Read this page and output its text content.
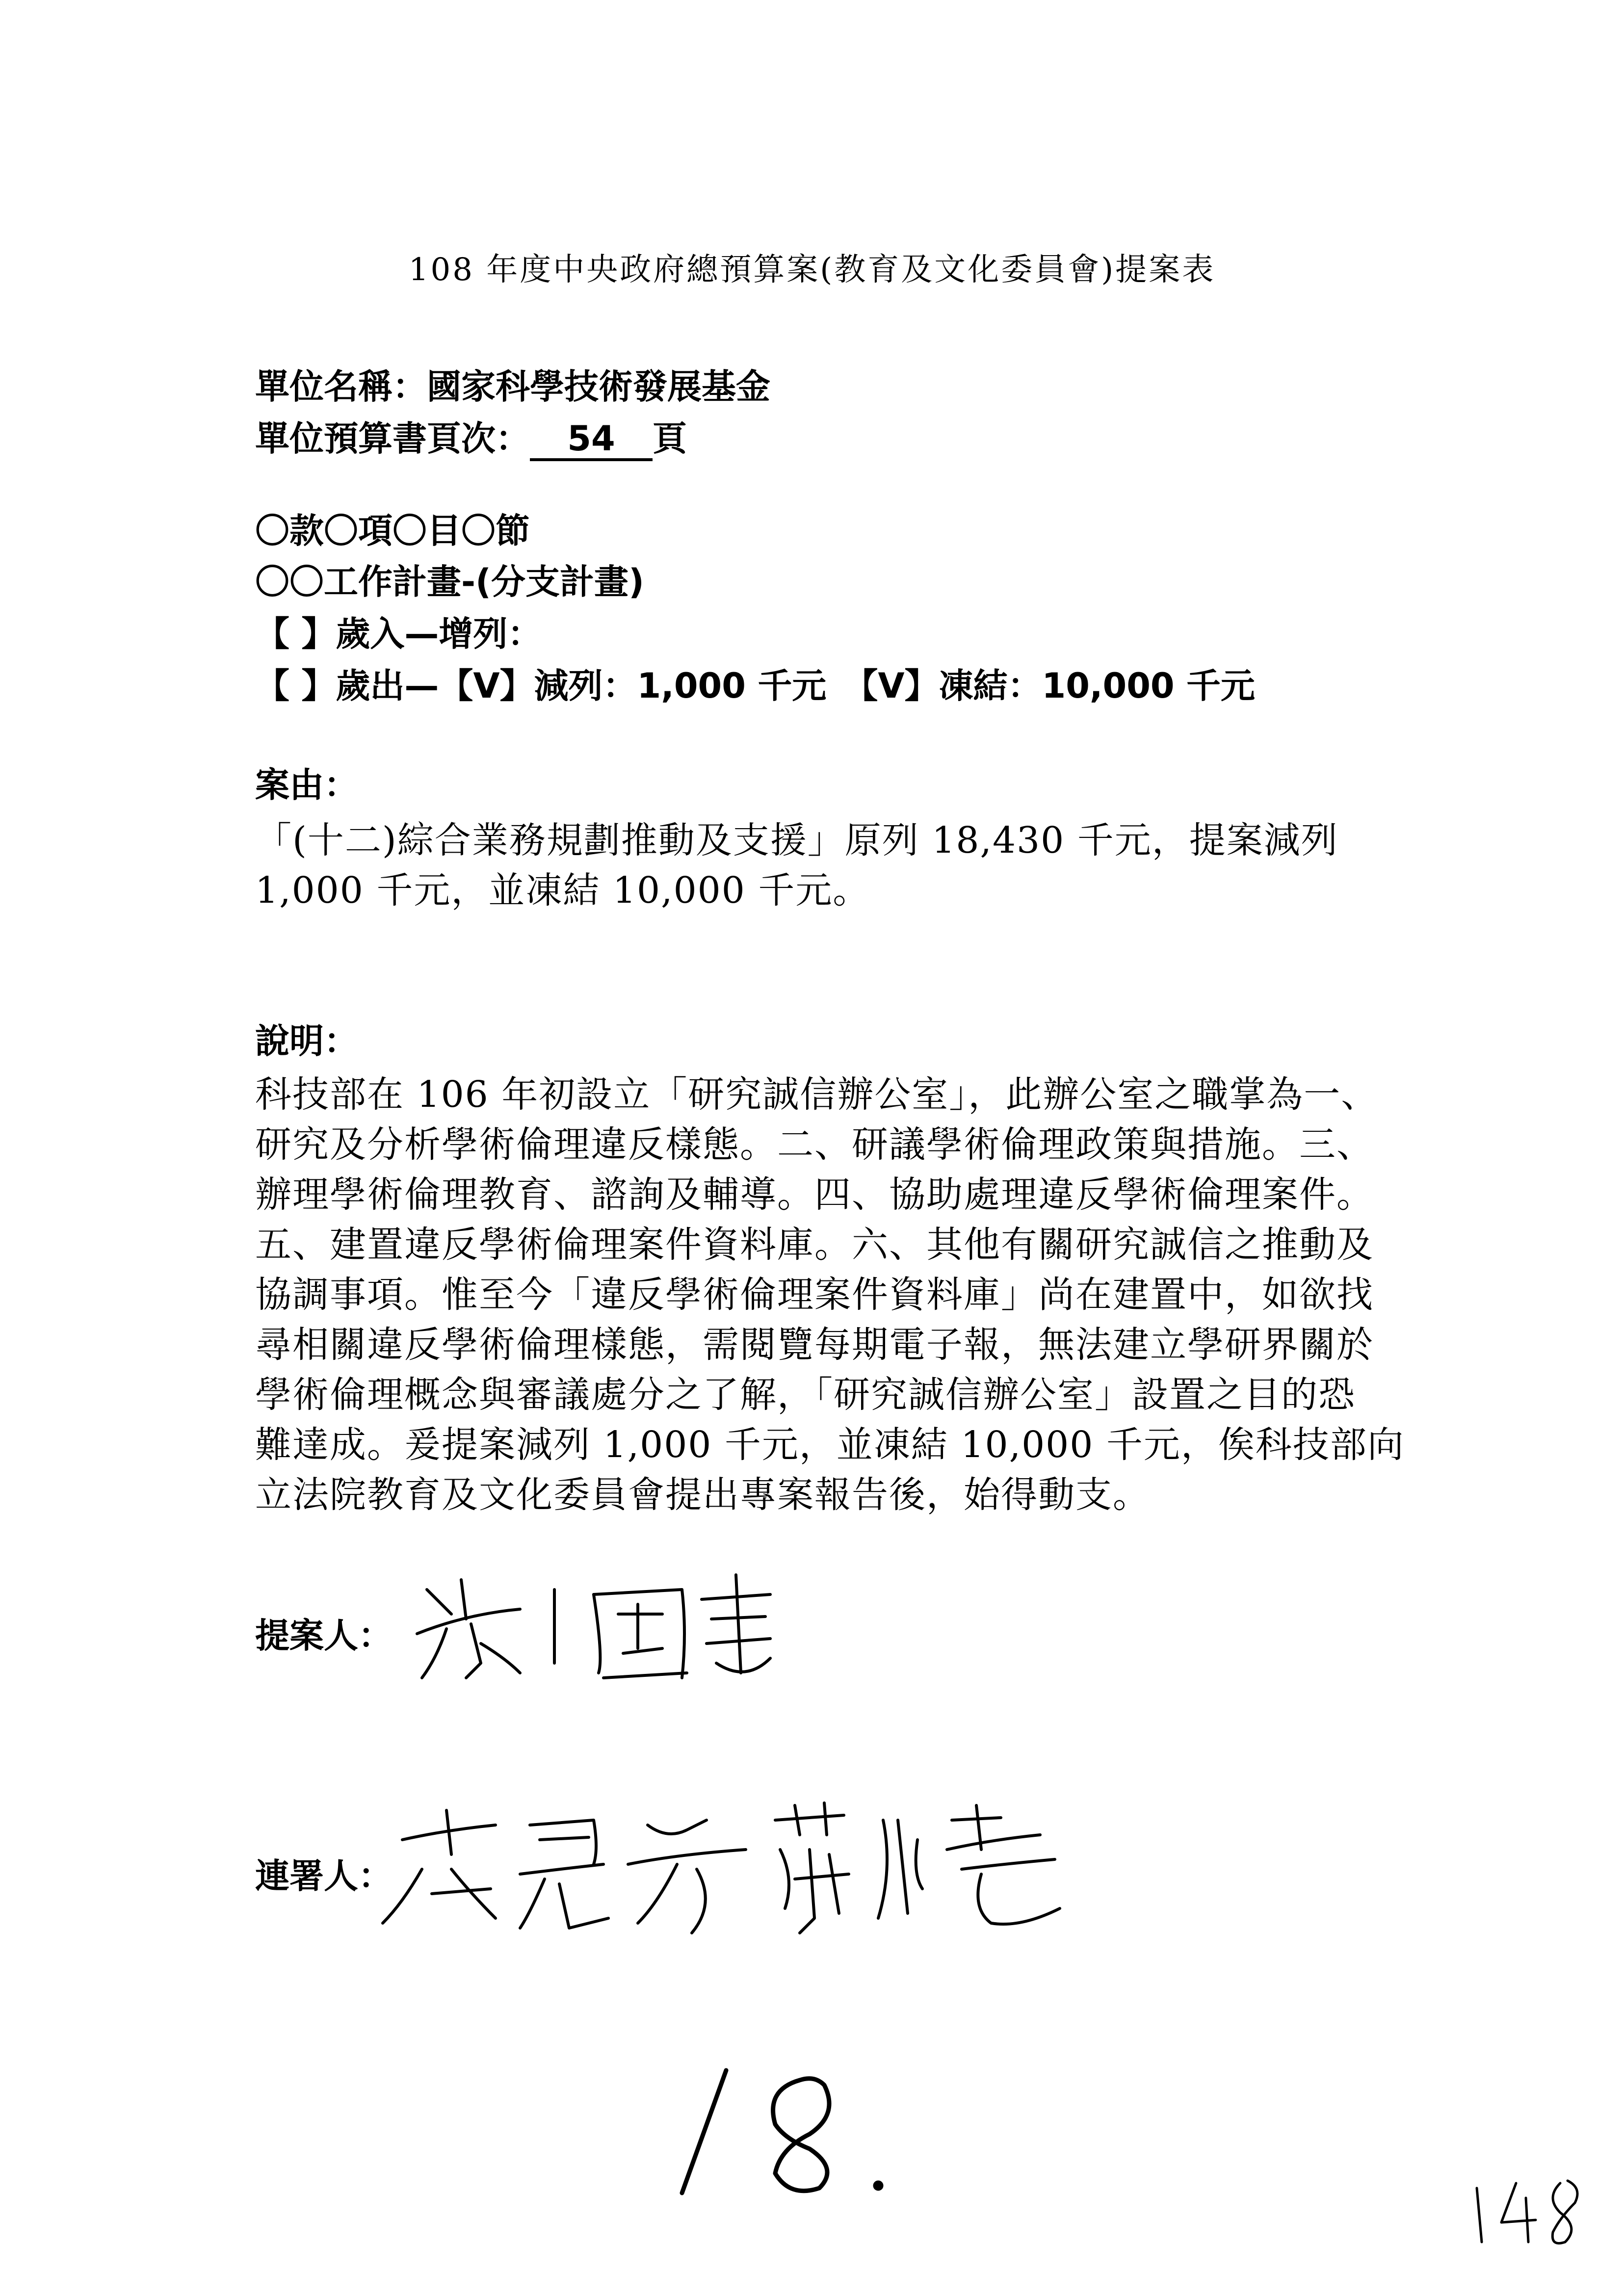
108 年度中央政府總預算案(教育及文化委員會)提案表
單位名稱：國家科學技術發展基金
單位預算書頁次： 54 頁
〇款〇項〇目〇節
〇〇工作計畫-(分支計畫)
【 】歲入—增列：
【 】歲出—【V】減列：1,000 千元　【V】凍結：10,000 千元
案由：
「(十二)綜合業務規劃推動及支援」原列 18,430 千元，提案減列
1,000 千元，並凍結 10,000 千元。
說明：
科技部在 106 年初設立「研究誠信辦公室」，此辦公室之職掌為一、
研究及分析學術倫理違反樣態。二、研議學術倫理政策與措施。三、
辦理學術倫理教育、諮詢及輔導。四、協助處理違反學術倫理案件。
五、建置違反學術倫理案件資料庫。六、其他有關研究誠信之推動及
協調事項。惟至今「違反學術倫理案件資料庫」尚在建置中，如欲找
尋相關違反學術倫理樣態，需閱覽每期電子報，無法建立學研界關於
學術倫理概念與審議處分之了解，「研究誠信辦公室」設置之目的恐
難達成。爰提案減列 1,000 千元，並凍結 10,000 千元，俟科技部向
立法院教育及文化委員會提出專案報告後，始得動支。
提案人：
連署人：
